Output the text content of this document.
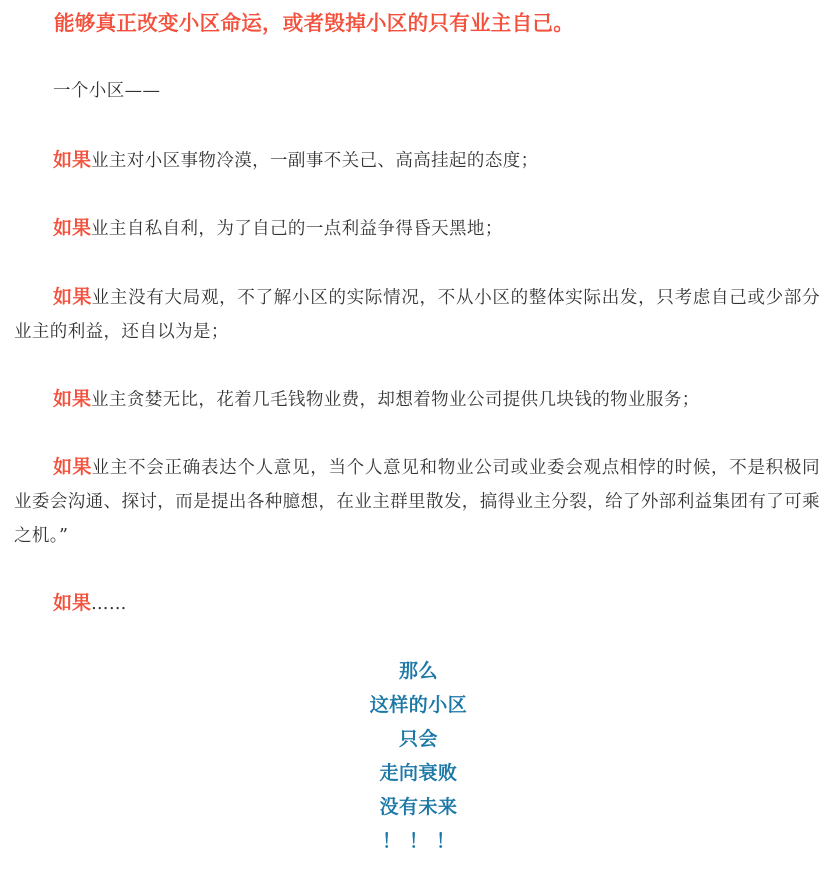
能够真正改变小区命运，或者毁掉小区的只有业主自己。

一个小区——

如果业主对小区事物冷漠，一副事不关己、高高挂起的态度；

如果业主自私自利，为了自己的一点利益争得昏天黑地；

如果业主没有大局观，不了解小区的实际情况，不从小区的整体实际出发，只考虑自己或少部分业主的利益，还自以为是；

如果业主贪婪无比，花着几毛钱物业费，却想着物业公司提供几块钱的物业服务；

如果业主不会正确表达个人意见，当个人意见和物业公司或业委会观点相悖的时候，不是积极同业委会沟通、探讨，而是提出各种臆想，在业主群里散发，搞得业主分裂，给了外部利益集团有了可乘之机。”

如果……

那么
这样的小区
只会
走向衰败
没有未来
！！！
